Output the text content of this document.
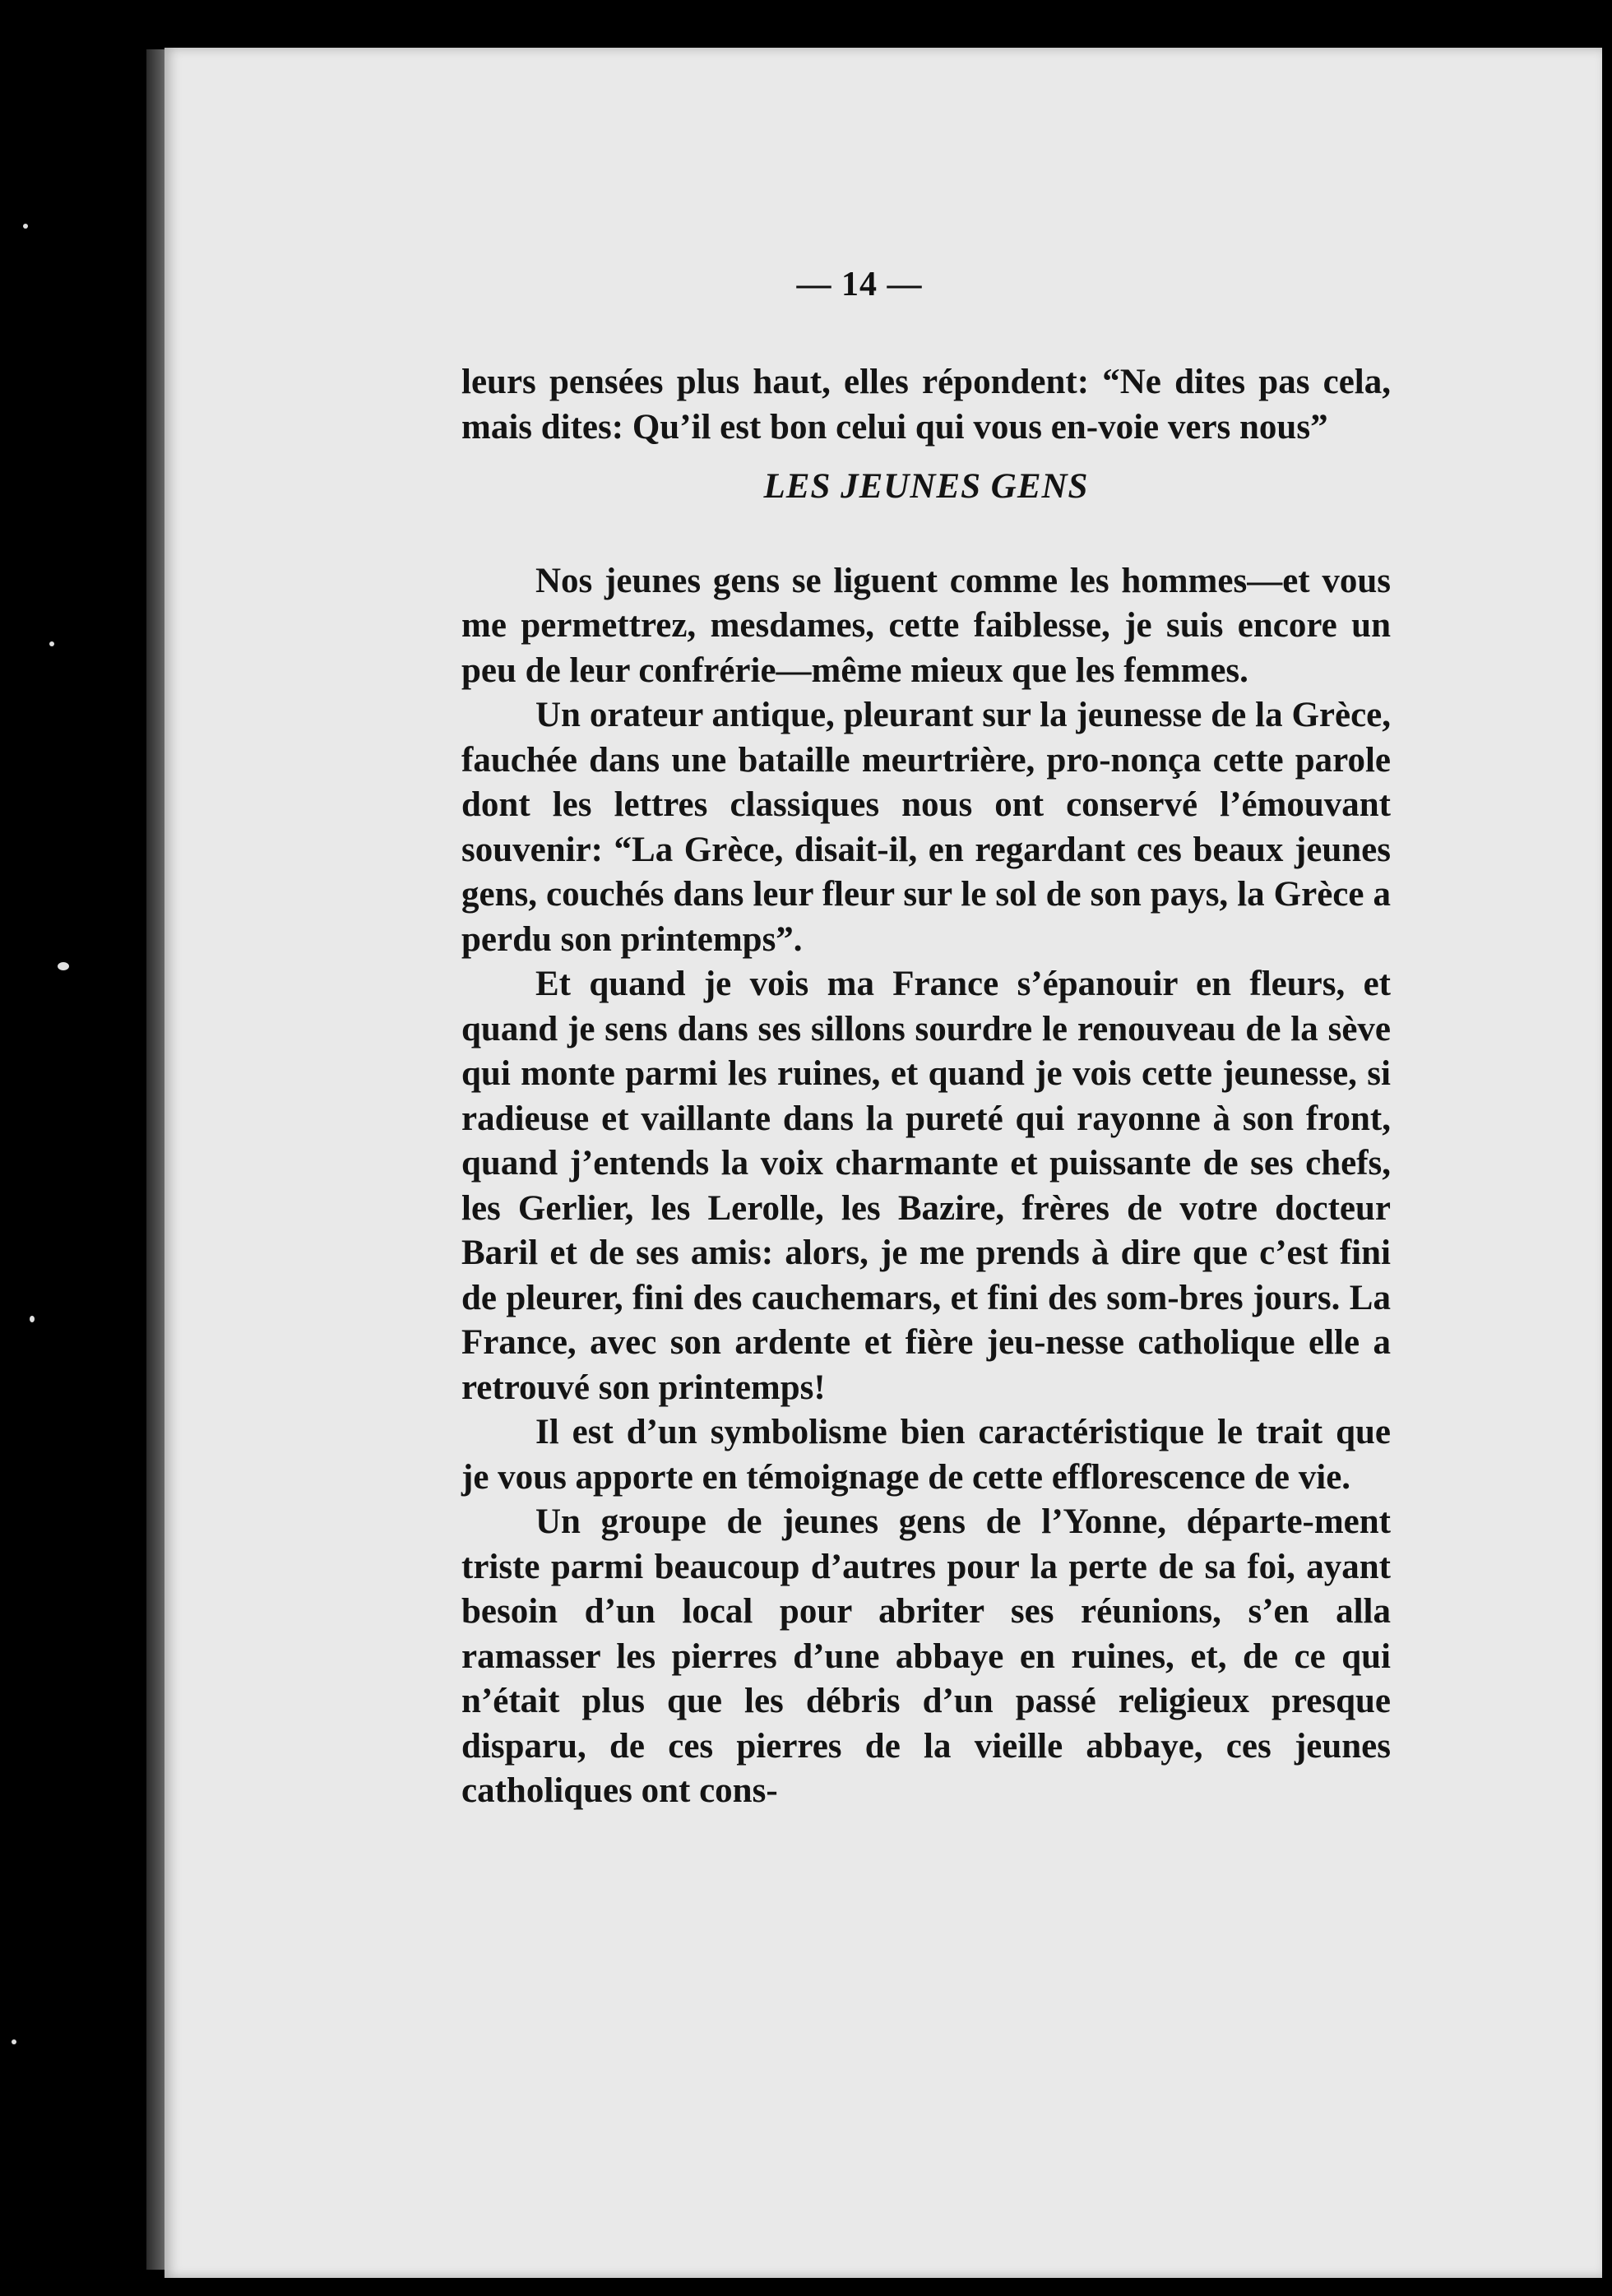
— 14 —

leurs pensées plus haut, elles répondent: “Ne dites pas cela, mais dites: Qu’il est bon celui qui vous en-voie vers nous”

LES JEUNES GENS

Nos jeunes gens se liguent comme les hommes—et vous me permettrez, mesdames, cette faiblesse, je suis encore un peu de leur confrérie—même mieux que les femmes.

Un orateur antique, pleurant sur la jeunesse de la Grèce, fauchée dans une bataille meurtrière, pro-nonça cette parole dont les lettres classiques nous ont conservé l’émouvant souvenir: “La Grèce, disait-il, en regardant ces beaux jeunes gens, couchés dans leur fleur sur le sol de son pays, la Grèce a perdu son printemps”.

Et quand je vois ma France s’épanouir en fleurs, et quand je sens dans ses sillons sourdre le renouveau de la sève qui monte parmi les ruines, et quand je vois cette jeunesse, si radieuse et vaillante dans la pureté qui rayonne à son front, quand j’entends la voix charmante et puissante de ses chefs, les Gerlier, les Lerolle, les Bazire, frères de votre docteur Baril et de ses amis: alors, je me prends à dire que c’est fini de pleurer, fini des cauchemars, et fini des som-bres jours. La France, avec son ardente et fière jeu-nesse catholique elle a retrouvé son printemps!

Il est d’un symbolisme bien caractéristique le trait que je vous apporte en témoignage de cette efflorescence de vie.

Un groupe de jeunes gens de l’Yonne, départe-ment triste parmi beaucoup d’autres pour la perte de sa foi, ayant besoin d’un local pour abriter ses réunions, s’en alla ramasser les pierres d’une abbaye en ruines, et, de ce qui n’était plus que les débris d’un passé religieux presque disparu, de ces pierres de la vieille abbaye, ces jeunes catholiques ont cons-
